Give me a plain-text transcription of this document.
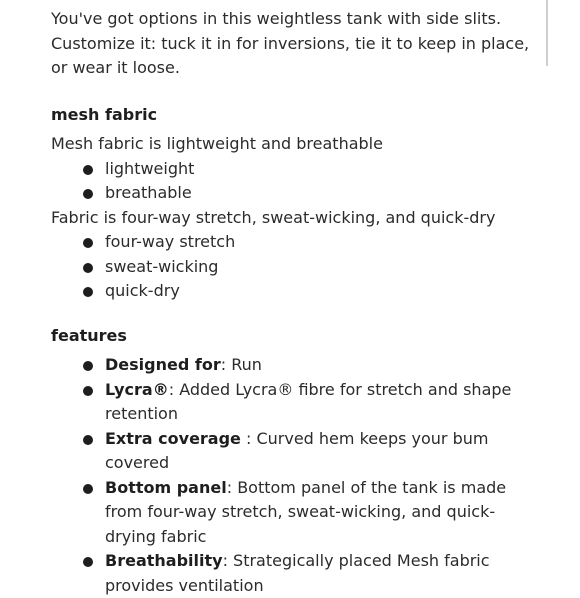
You've got options in this weightless tank with side slits. Customize it: tuck it in for inversions, tie it to keep in place, or wear it loose.

mesh fabric

Mesh fabric is lightweight and breathable

lightweight
breathable

Fabric is four-way stretch, sweat-wicking, and quick-dry

four-way stretch
sweat-wicking
quick-dry

features

Designed for: Run
Lycra®: Added Lycra® fibre for stretch and shape retention
Extra coverage : Curved hem keeps your bum covered
Bottom panel: Bottom panel of the tank is made from four-way stretch, sweat-wicking, and quick-drying fabric
Breathability: Strategically placed Mesh fabric provides ventilation
